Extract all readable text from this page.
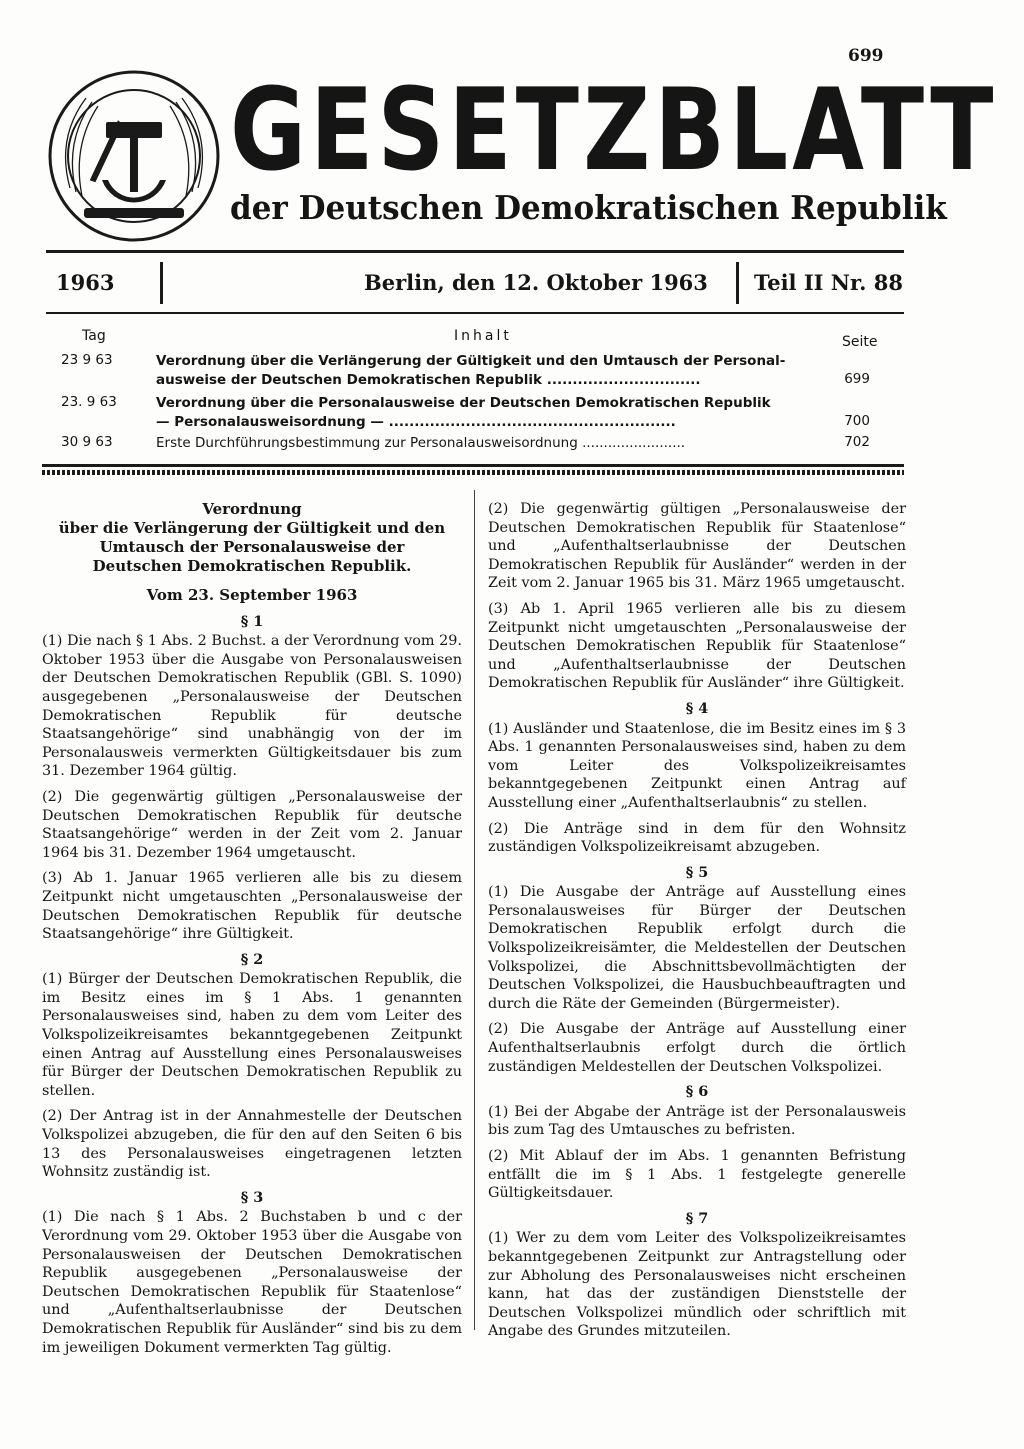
699
GESETZBLATT
der Deutschen Demokratischen Republik
1963	Berlin, den 12. Oktober 1963 Teil II Nr. 88
Tag	Inhalt	Seite
23 9 63	Verordnung über die Verlängerung der Gültigkeit und den Umtausch der Personal-
ausweise der Deutschen Demokratischen Republik ..............................	699
23. 9 63	Verordnung über die Personalausweise der Deutschen Demokratischen Republik
— Personalausweisordnung — ........................................................	700
30 9 63	Erste Durchführungsbestimmung zur Personalausweisordnung ........................	702
Verordnung
über die Verlängerung der Gültigkeit und den
Umtausch der Personalausweise der
Deutschen Demokratischen Republik.
Vom 23. September 1963
§ 1

(1) Die nach § 1 Abs. 2 Buchst. a der Verordnung vom 29. Oktober 1953 über die Ausgabe von Personalausweisen der Deutschen Demokratischen Republik (GBl. S. 1090) ausgegebenen „Personalausweise der Deutschen Demokratischen Republik für deutsche Staatsangehörige“ sind unabhängig von der im Personalausweis vermerkten Gültigkeitsdauer bis zum 31. Dezember 1964 gültig.

(2) Die gegenwärtig gültigen „Personalausweise der Deutschen Demokratischen Republik für deutsche Staatsangehörige“ werden in der Zeit vom 2. Januar 1964 bis 31. Dezember 1964 umgetauscht.

(3) Ab 1. Januar 1965 verlieren alle bis zu diesem Zeitpunkt nicht umgetauschten „Personalausweise der Deutschen Demokratischen Republik für deutsche Staatsangehörige“ ihre Gültigkeit.

§ 2

(1) Bürger der Deutschen Demokratischen Republik, die im Besitz eines im § 1 Abs. 1 genannten Personalausweises sind, haben zu dem vom Leiter des Volkspolizeikreisamtes bekanntgegebenen Zeitpunkt einen Antrag auf Ausstellung eines Personalausweises für Bürger der Deutschen Demokratischen Republik zu stellen.

(2) Der Antrag ist in der Annahmestelle der Deutschen Volkspolizei abzugeben, die für den auf den Seiten 6 bis 13 des Personalausweises eingetragenen letzten Wohnsitz zuständig ist.

§ 3

(1) Die nach § 1 Abs. 2 Buchstaben b und c der Verordnung vom 29. Oktober 1953 über die Ausgabe von Personalausweisen der Deutschen Demokratischen Republik ausgegebenen „Personalausweise der Deutschen Demokratischen Republik für Staatenlose“ und „Aufenthaltserlaubnisse der Deutschen Demokratischen Republik für Ausländer“ sind bis zu dem im jeweiligen Dokument vermerkten Tag gültig.

(2) Die gegenwärtig gültigen „Personalausweise der Deutschen Demokratischen Republik für Staatenlose“ und „Aufenthaltserlaubnisse der Deutschen Demokratischen Republik für Ausländer“ werden in der Zeit vom 2. Januar 1965 bis 31. März 1965 umgetauscht.

(3) Ab 1. April 1965 verlieren alle bis zu diesem Zeitpunkt nicht umgetauschten „Personalausweise der Deutschen Demokratischen Republik für Staatenlose“ und „Aufenthaltserlaubnisse der Deutschen Demokratischen Republik für Ausländer“ ihre Gültigkeit.

§ 4

(1) Ausländer und Staatenlose, die im Besitz eines im § 3 Abs. 1 genannten Personalausweises sind, haben zu dem vom Leiter des Volkspolizeikreisamtes bekanntgegebenen Zeitpunkt einen Antrag auf Ausstellung einer „Aufenthaltserlaubnis“ zu stellen.

(2) Die Anträge sind in dem für den Wohnsitz zuständigen Volkspolizeikreisamt abzugeben.

§ 5

(1) Die Ausgabe der Anträge auf Ausstellung eines Personalausweises für Bürger der Deutschen Demokratischen Republik erfolgt durch die Volkspolizeikreisämter, die Meldestellen der Deutschen Volkspolizei, die Abschnittsbevollmächtigten der Deutschen Volkspolizei, die Hausbuchbeauftragten und durch die Räte der Gemeinden (Bürgermeister).

(2) Die Ausgabe der Anträge auf Ausstellung einer Aufenthaltserlaubnis erfolgt durch die örtlich zuständigen Meldestellen der Deutschen Volkspolizei.

§ 6

(1) Bei der Abgabe der Anträge ist der Personalausweis bis zum Tag des Umtausches zu befristen.

(2) Mit Ablauf der im Abs. 1 genannten Befristung entfällt die im § 1 Abs. 1 festgelegte generelle Gültigkeitsdauer.

§ 7

(1) Wer zu dem vom Leiter des Volkspolizeikreisamtes bekanntgegebenen Zeitpunkt zur Antragstellung oder zur Abholung des Personalausweises nicht erscheinen kann, hat das der zuständigen Dienststelle der Deutschen Volkspolizei mündlich oder schriftlich mit Angabe des Grundes mitzuteilen.
